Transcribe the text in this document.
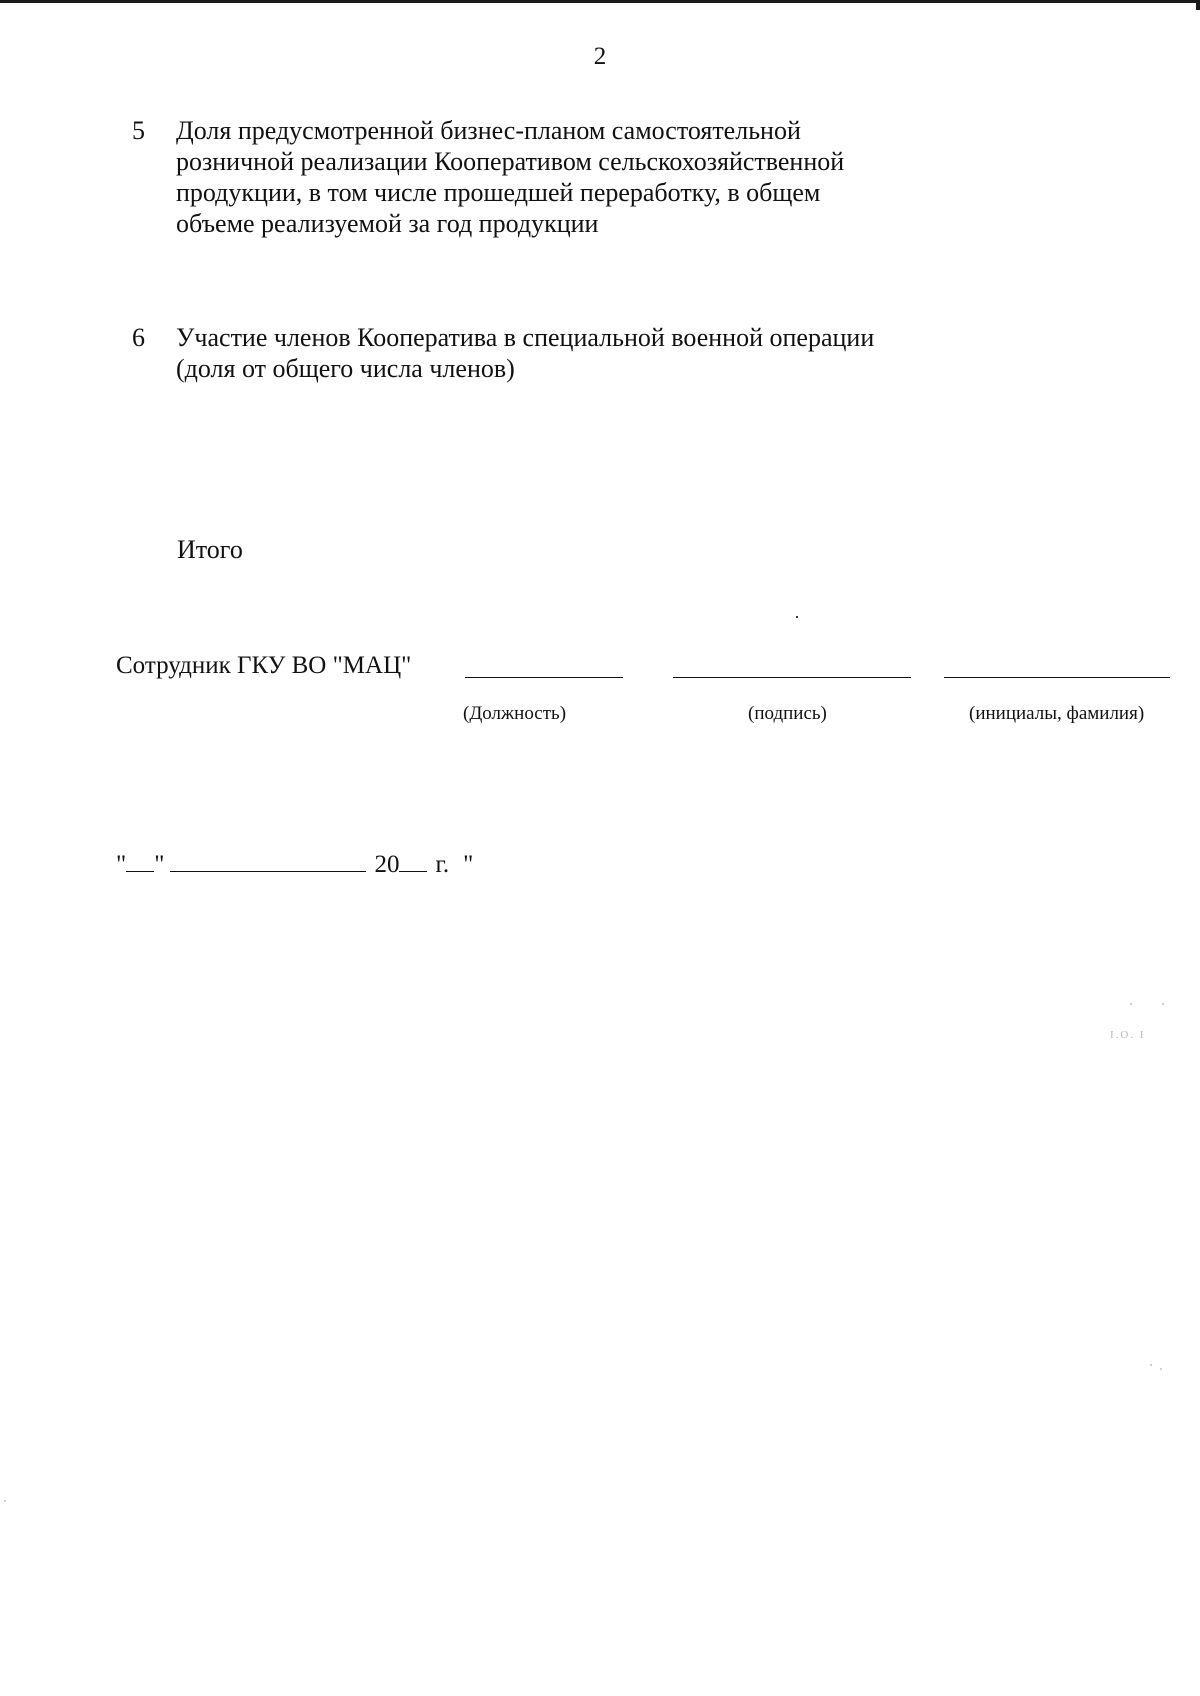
2
5	Доля предусмотренной бизнес-планом самостоятельной
розничной реализации Кооперативом сельскохозяйственной
продукции, в том числе прошедшей переработку, в общем
объеме реализуемой за год продукции
6	Участие членов Кооператива в специальной военной операции
(доля от общего числа членов)
Итого
Сотрудник ГКУ ВО "МАЦ"
(Должность)	(подпись)	(инициалы, фамилия)
" "	20 г. "
I.O. I
